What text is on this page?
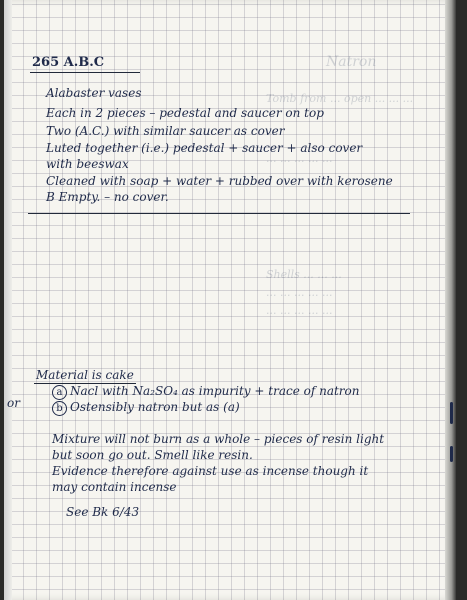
Natron
Tomb from ... open ... ... ...
... ... ... ... ...
Shells ... ... ...
... ... ... ... ...
... ... ... ... ...
265 A.B.C
Alabaster vases
Each in 2 pieces – pedestal and saucer on top
Two (A.C.) with similar saucer as cover
Luted together (i.e.) pedestal + saucer + also cover
with beeswax
Cleaned with soap + water + rubbed over with kerosene
B Empty. – no cover.
Material is cake
or
a Nacl with Na₂SO₄ as impurity + trace of natron
b Ostensibly natron but as (a)
Mixture will not burn as a whole – pieces of resin light
but soon go out. Smell like resin.
Evidence therefore against use as incense though it
may contain incense
See Bk 6/43
